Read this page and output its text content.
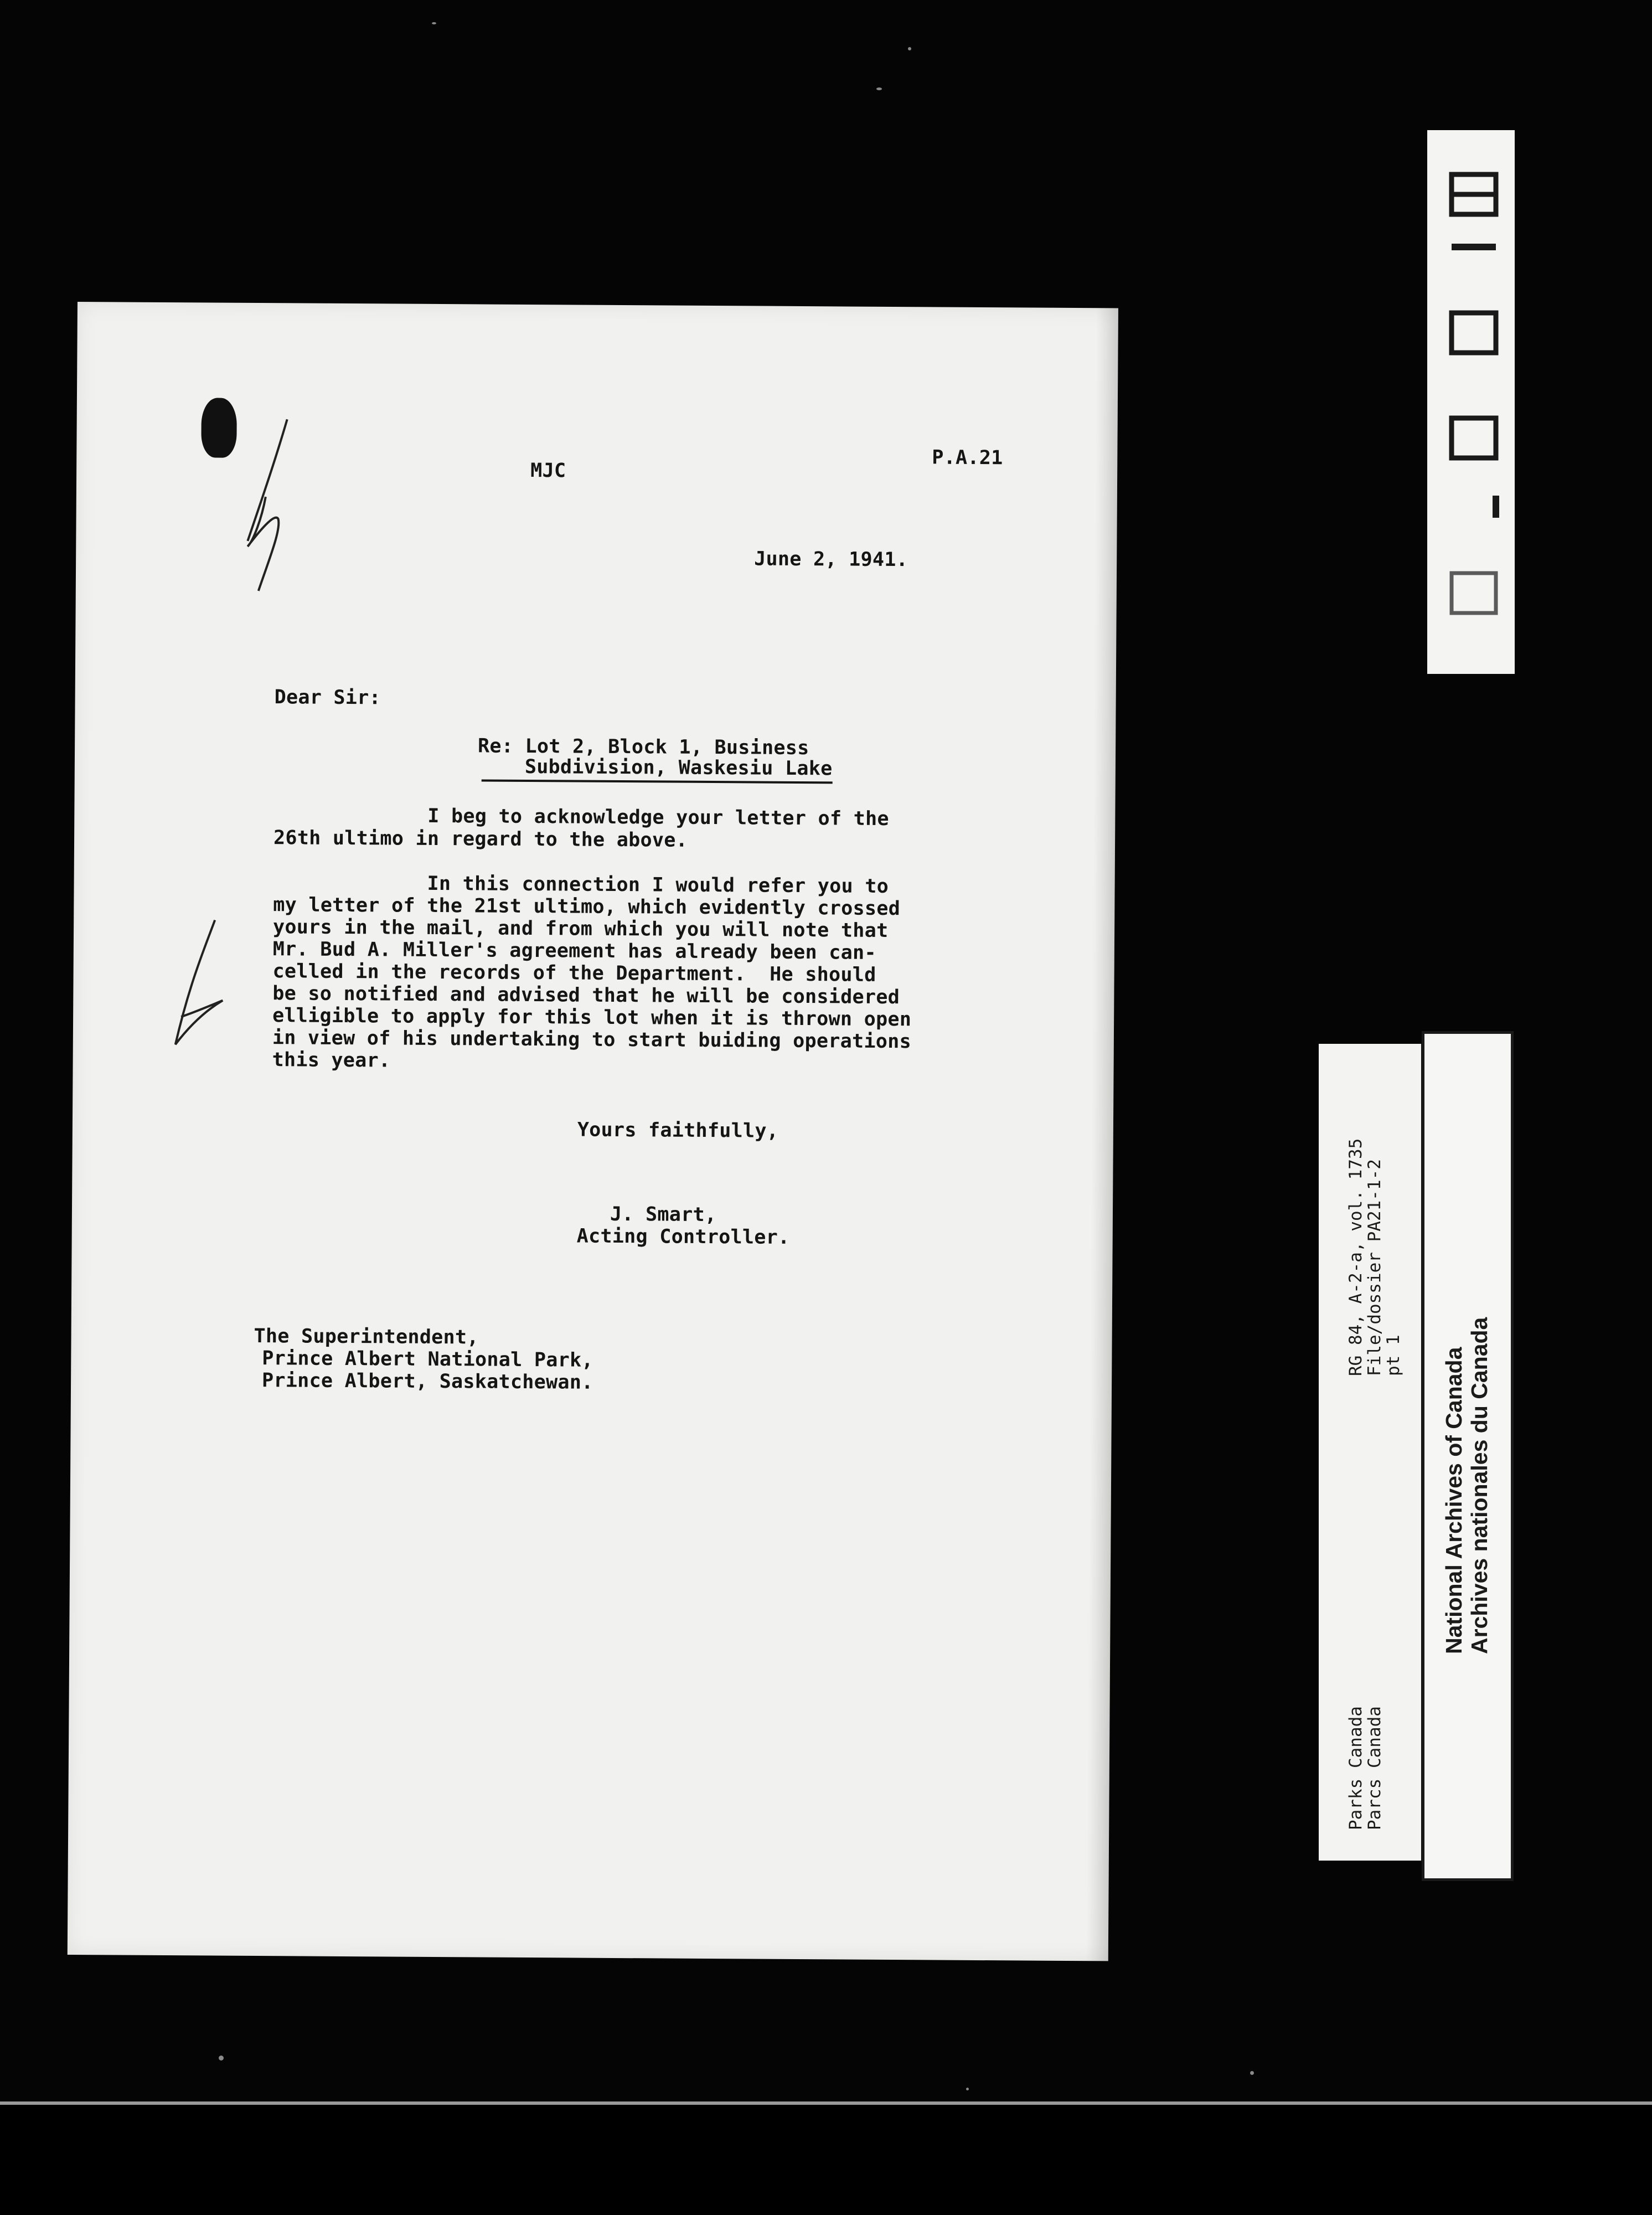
MJC
P.A.21
June 2, 1941.
Dear Sir:
Re: Lot 2, Block 1, Business
Subdivision, Waskesiu Lake
I beg to acknowledge your letter of the
26th ultimo in regard to the above.
In this connection I would refer you to
my letter of the 21st ultimo, which evidently crossed
yours in the mail, and from which you will note that
Mr. Bud A. Miller's agreement has already been can-
celled in the records of the Department.  He should
be so notified and advised that he will be considered
elligible to apply for this lot when it is thrown open
in view of his undertaking to start buiding operations
this year.
Yours faithfully,
J. Smart,
Acting Controller.
The Superintendent,
Prince Albert National Park,
Prince Albert, Saskatchewan.
RG 84, A-2-a, vol. 1735
File/dossier PA21-1-2
pt 1
Parks Canada
Parcs Canada
National Archives of Canada Archives nationales du Canada
